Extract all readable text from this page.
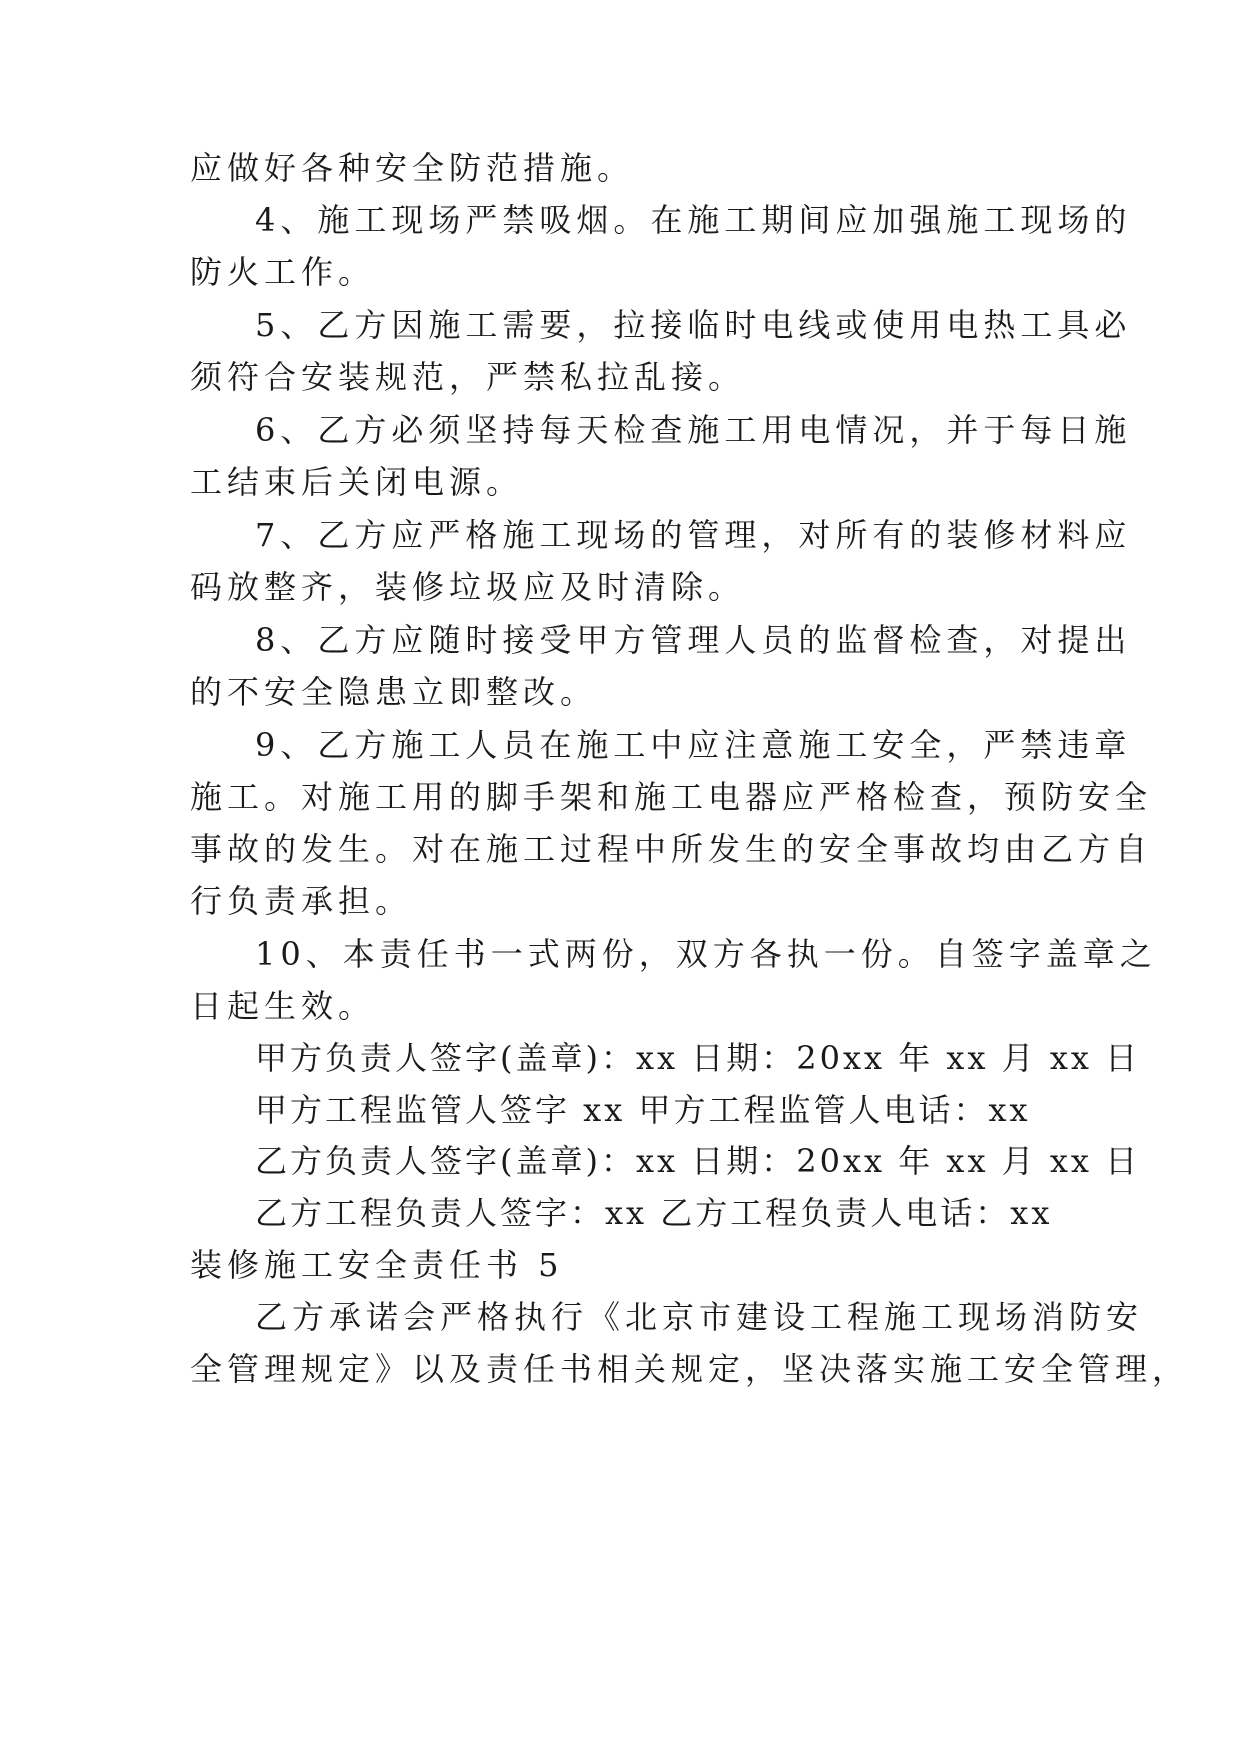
应做好各种安全防范措施。
4、施工现场严禁吸烟。在施工期间应加强施工现场的
防火工作。
5、乙方因施工需要，拉接临时电线或使用电热工具必
须符合安装规范，严禁私拉乱接。
6、乙方必须坚持每天检查施工用电情况，并于每日施
工结束后关闭电源。
7、乙方应严格施工现场的管理，对所有的装修材料应
码放整齐，装修垃圾应及时清除。
8、乙方应随时接受甲方管理人员的监督检查，对提出
的不安全隐患立即整改。
9、乙方施工人员在施工中应注意施工安全，严禁违章
施工。对施工用的脚手架和施工电器应严格检查，预防安全
事故的发生。对在施工过程中所发生的安全事故均由乙方自
行负责承担。
10、本责任书一式两份，双方各执一份。自签字盖章之
日起生效。
甲方负责人签字(盖章)：xx 日期：20xx 年 xx 月 xx 日
甲方工程监管人签字 xx 甲方工程监管人电话：xx
乙方负责人签字(盖章)：xx 日期：20xx 年 xx 月 xx 日
乙方工程负责人签字：xx 乙方工程负责人电话：xx
装修施工安全责任书 5
乙方承诺会严格执行《北京市建设工程施工现场消防安
全管理规定》以及责任书相关规定，坚决落实施工安全管理，
